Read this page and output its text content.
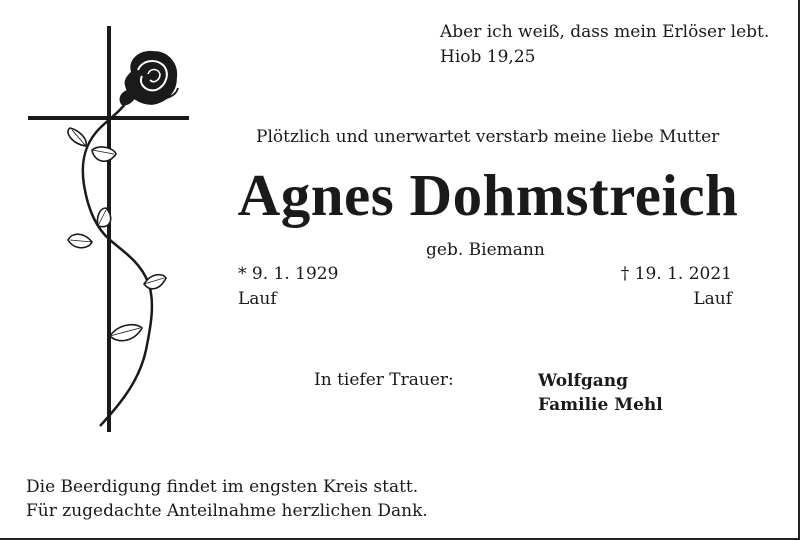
Aber ich weiß, dass mein Erlöser lebt.
Hiob 19,25
Plötzlich und unerwartet verstarb meine liebe Mutter
Agnes Dohmstreich
geb. Biemann
* 9. 1. 1929
Lauf
† 19. 1. 2021
Lauf
In tiefer Trauer:	Wolfgang
Familie Mehl
Die Beerdigung findet im engsten Kreis statt.
Für zugedachte Anteilnahme herzlichen Dank.
